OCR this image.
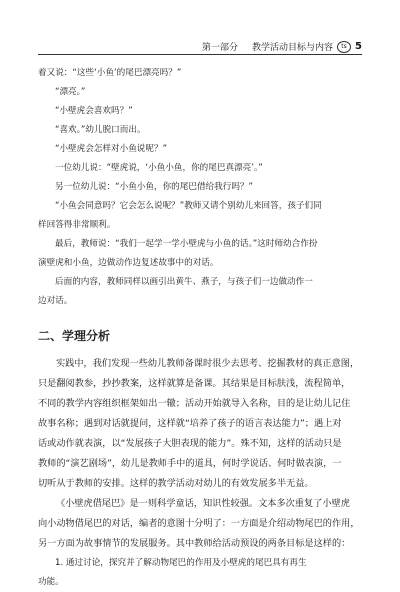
第一部分 教学活动目标与内容	ts 5

着又说：“这些‘小鱼’的尾巴漂亮吗？”

“漂亮。”

“小壁虎会喜欢吗？”

“喜欢。”幼儿脱口而出。

“小壁虎会怎样对小鱼说呢？”

一位幼儿说：“壁虎说，‘小鱼小鱼，你的尾巴真漂亮’。”

另一位幼儿说：“小鱼小鱼，你的尾巴借给我行吗？”

“小鱼会同意吗？它会怎么说呢？”教师又请个别幼儿来回答，孩子们同

样回答得非常顺利。

最后，教师说：“我们一起学一学小壁虎与小鱼的话。”这时师幼合作扮

演壁虎和小鱼，边做动作边复述故事中的对话。

后面的内容，教师同样以画引出黄牛、燕子，与孩子们一边做动作一

边对话。

二、学理分析

实践中，我们发现一些幼儿教师备课时很少去思考、挖掘教材的真正意图，
只是翻阅教参，抄抄教案，这样就算是备课。其结果是目标肤浅，流程简单，
不同的教学内容组织框架如出一辙；活动开始就导入名称，目的是让幼儿记住
故事名称；遇到对话就提问，这样就“培养了孩子的语言表达能力”；遇上对
话或动作就表演，以“发展孩子大胆表现的能力”。殊不知，这样的活动只是
教师的“演艺剧场”，幼儿是教师手中的道具，何时学说话、何时做表演，一
切听从于教师的安排。这样的教学活动对幼儿的有效发展多半无益。

《小壁虎借尾巴》是一则科学童话，知识性较强。文本多次重复了小壁虎
向小动物借尾巴的对话，编者的意图十分明了：一方面是介绍动物尾巴的作用，
另一方面为故事情节的发展服务。其中教师给活动预设的两条目标是这样的：

1. 通过讨论，探究并了解动物尾巴的作用及小壁虎的尾巴具有再生
功能。
